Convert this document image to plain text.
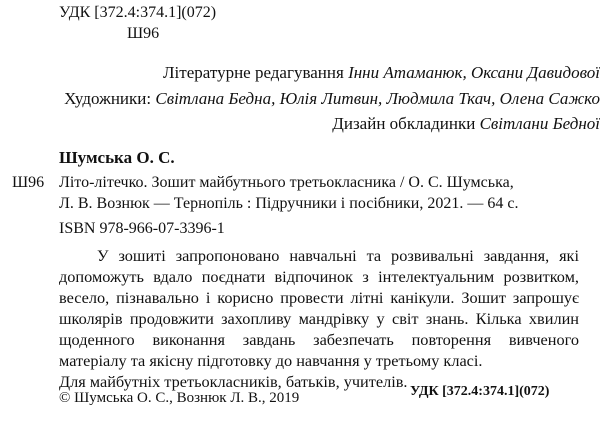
УДК [372.4:374.1](072)
Ш96
Літературне редагування Інни Атаманюк, Оксани Давидової
Художники: Світлана Бедна, Юлія Литвин, Людмила Ткач, Олена Сажко
Дизайн обкладинки Світлани Бедної
Шумська О. С.
Ш96 Літо-літечко. Зошит майбутнього третьокласника / О. С. Шумська,
Л. В. Вознюк — Тернопіль : Підручники і посібники, 2021. — 64 с.
ISBN 978-966-07-3396-1

У зошиті запропоновано навчальні та розвивальні завдання, які допоможуть вдало поєднати відпочинок з інтелектуальним розвитком, весело, пізнавально і корисно провести літні канікули. Зошит запрошує школярів продовжити захопливу мандрівку у світ знань. Кілька хвилин щоденного виконання завдань забезпечать повторення вивченого матеріалу та якісну підготовку до навчання у третьому класі.

Для майбутніх третьокласників, батьків, учителів.

© Шумська О. С., Вознюк Л. В., 2019	УДК [372.4:374.1](072)
